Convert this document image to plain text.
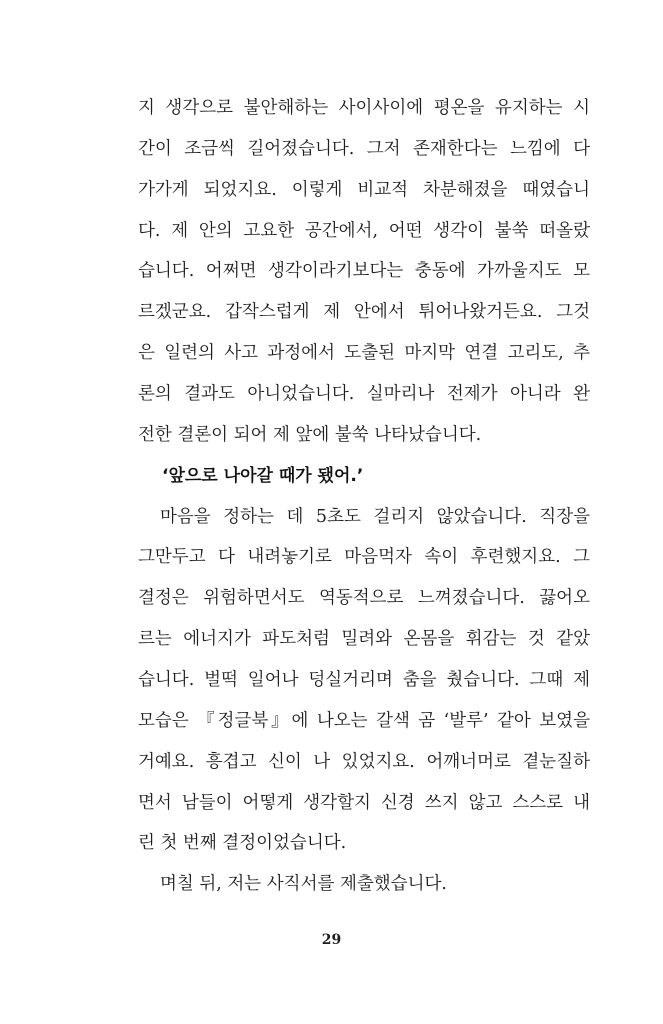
지 생각으로 불안해하는 사이사이에 평온을 유지하는 시
간이 조금씩 길어졌습니다. 그저 존재한다는 느낌에 다
가가게 되었지요. 이렇게 비교적 차분해졌을 때였습니
다. 제 안의 고요한 공간에서, 어떤 생각이 불쑥 떠올랐
습니다. 어쩌면 생각이라기보다는 충동에 가까울지도 모
르겠군요. 갑작스럽게 제 안에서 튀어나왔거든요. 그것
은 일련의 사고 과정에서 도출된 마지막 연결 고리도, 추
론의 결과도 아니었습니다. 실마리나 전제가 아니라 완
전한 결론이 되어 제 앞에 불쑥 나타났습니다.
‘앞으로 나아갈 때가 됐어.’
마음을 정하는 데 5초도 걸리지 않았습니다. 직장을
그만두고 다 내려놓기로 마음먹자 속이 후련했지요. 그
결정은 위험하면서도 역동적으로 느껴졌습니다. 끓어오
르는 에너지가 파도처럼 밀려와 온몸을 휘감는 것 같았
습니다. 벌떡 일어나 덩실거리며 춤을 췄습니다. 그때 제
모습은 『정글북』에 나오는 갈색 곰 ‘발루’ 같아 보였을
거예요. 흥겹고 신이 나 있었지요. 어깨너머로 곁눈질하
면서 남들이 어떻게 생각할지 신경 쓰지 않고 스스로 내
린 첫 번째 결정이었습니다.
며칠 뒤, 저는 사직서를 제출했습니다.
29
